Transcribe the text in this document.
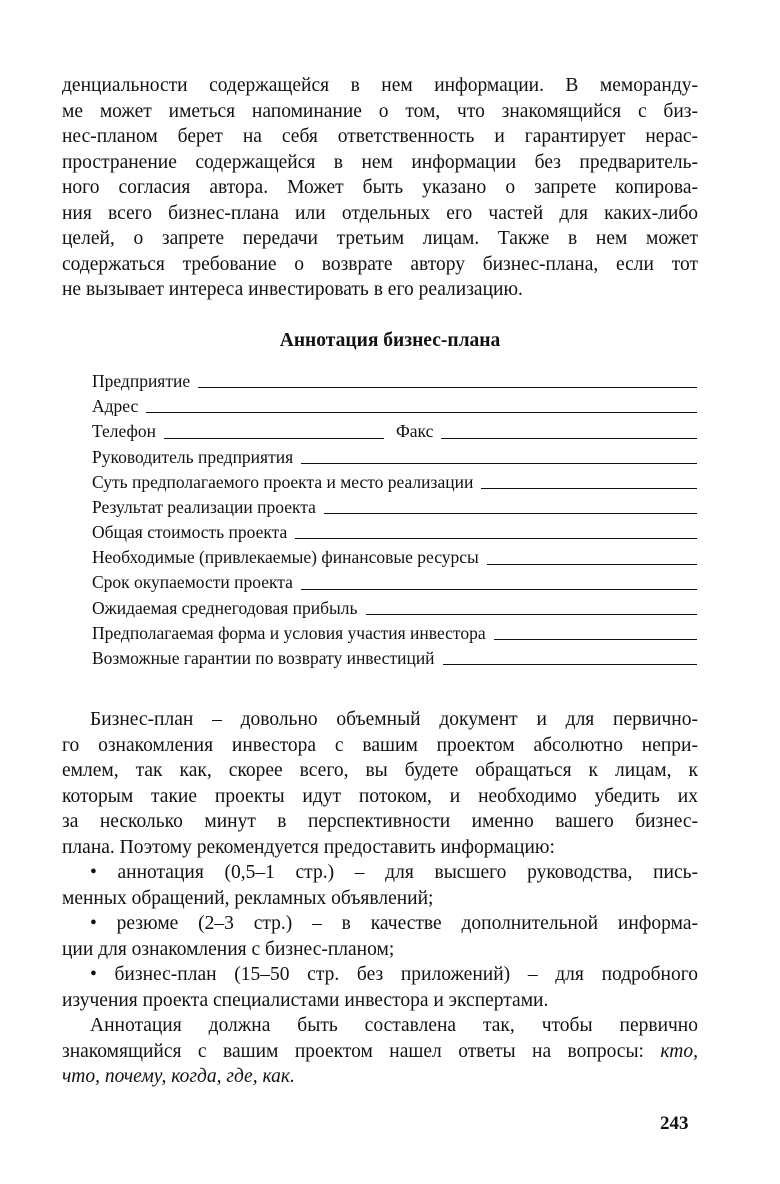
денциальности содержащейся в нем информации. В меморанду-
ме может иметься напоминание о том, что знакомящийся с биз-
нес-планом берет на себя ответственность и гарантирует нерас-
пространение содержащейся в нем информации без предваритель-
ного согласия автора. Может быть указано о запрете копирова-
ния всего бизнес-плана или отдельных его частей для каких-либо
целей, о запрете передачи третьим лицам. Также в нем может
содержаться требование о возврате автору бизнес-плана, если тот
не вызывает интереса инвестировать в его реализацию.
Аннотация бизнес-плана
Предприятие
Адрес
Телефон	Факс
Руководитель предприятия
Суть предполагаемого проекта и место реализации
Результат реализации проекта
Общая стоимость проекта
Необходимые (привлекаемые) финансовые ресурсы
Срок окупаемости проекта
Ожидаемая среднегодовая прибыль
Предполагаемая форма и условия участия инвестора
Возможные гарантии по возврату инвестиций
Бизнес-план – довольно объемный документ и для первично-
го ознакомления инвестора с вашим проектом абсолютно непри-
емлем, так как, скорее всего, вы будете обращаться к лицам, к
которым такие проекты идут потоком, и необходимо убедить их
за несколько минут в перспективности именно вашего бизнес-
плана. Поэтому рекомендуется предоставить информацию:
• аннотация (0,5–1 стр.) – для высшего руководства, пись-
менных обращений, рекламных объявлений;
• резюме (2–3 стр.) – в качестве дополнительной информа-
ции для ознакомления с бизнес-планом;
• бизнес-план (15–50 стр. без приложений) – для подробного
изучения проекта специалистами инвестора и экспертами.
Аннотация должна быть составлена так, чтобы первично
знакомящийся с вашим проектом нашел ответы на вопросы: кто,
что, почему, когда, где, как.
243
